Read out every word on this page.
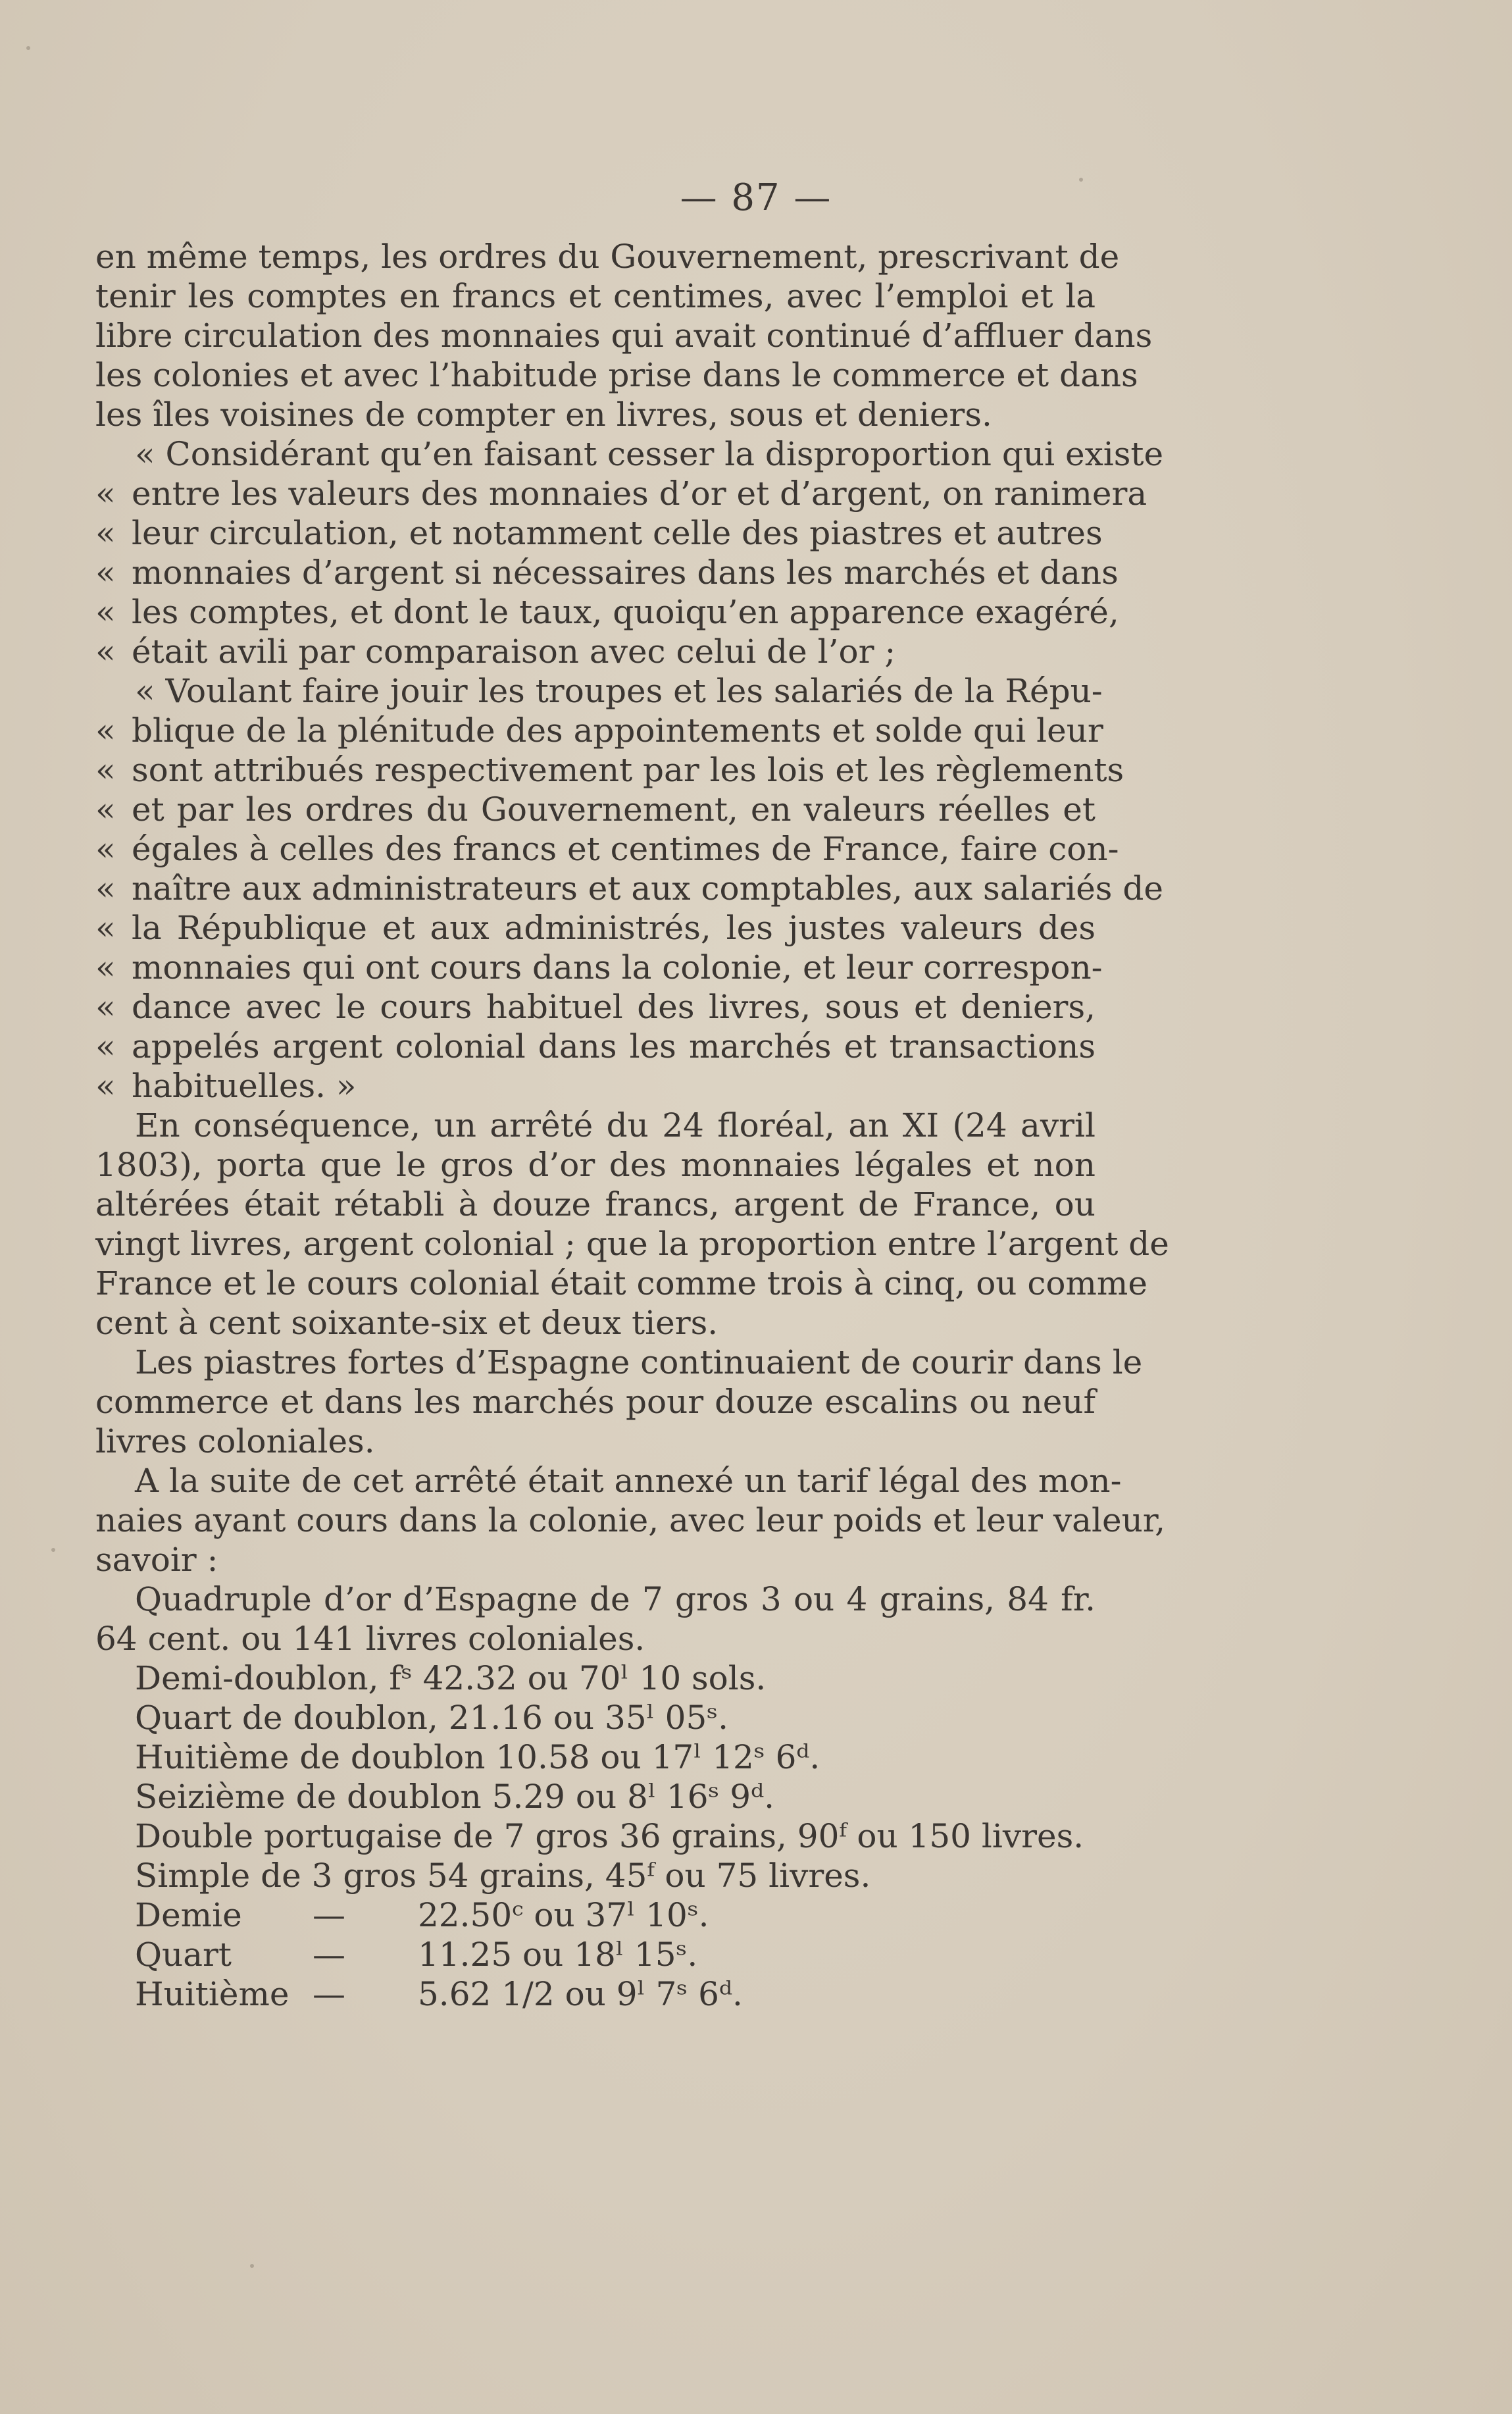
— 87 —
en même temps, les ordres du Gouvernement, prescrivant de
tenir les comptes en francs et centimes, avec l’emploi et la
libre circulation des monnaies qui avait continué d’affluer dans
les colonies et avec l’habitude prise dans le commerce et dans
les îles voisines de compter en livres, sous et deniers.
« Considérant qu’en faisant cesser la disproportion qui existe
« entre les valeurs des monnaies d’or et d’argent, on ranimera
« leur circulation, et notamment celle des piastres et autres
« monnaies d’argent si nécessaires dans les marchés et dans
« les comptes, et dont le taux, quoiqu’en apparence exagéré,
« était avili par comparaison avec celui de l’or ;
« Voulant faire jouir les troupes et les salariés de la Répu-
« blique de la plénitude des appointements et solde qui leur
« sont attribués respectivement par les lois et les règlements
« et par les ordres du Gouvernement, en valeurs réelles et
« égales à celles des francs et centimes de France, faire con-
« naître aux administrateurs et aux comptables, aux salariés de
« la République et aux administrés, les justes valeurs des
« monnaies qui ont cours dans la colonie, et leur correspon-
« dance avec le cours habituel des livres, sous et deniers,
« appelés argent colonial dans les marchés et transactions
« habituelles. »
En conséquence, un arrêté du 24 floréal, an XI (24 avril
1803), porta que le gros d’or des monnaies légales et non
altérées était rétabli à douze francs, argent de France, ou
vingt livres, argent colonial ; que la proportion entre l’argent de
France et le cours colonial était comme trois à cinq, ou comme
cent à cent soixante-six et deux tiers.
Les piastres fortes d’Espagne continuaient de courir dans le
commerce et dans les marchés pour douze escalins ou neuf
livres coloniales.
A la suite de cet arrêté était annexé un tarif légal des mon-
naies ayant cours dans la colonie, avec leur poids et leur valeur,
savoir :
Quadruple d’or d’Espagne de 7 gros 3 ou 4 grains, 84 fr.
64 cent. ou 141 livres coloniales.
Demi-doublon, fˢ 42.32 ou 70ˡ 10 sols.
Quart de doublon, 21.16 ou 35ˡ 05ˢ.
Huitième de doublon 10.58 ou 17ˡ 12ˢ 6ᵈ.
Seizième de doublon 5.29 ou 8ˡ 16ˢ 9ᵈ.
Double portugaise de 7 gros 36 grains, 90ᶠ ou 150 livres.
Simple de 3 gros 54 grains, 45ᶠ ou 75 livres.
Demie	—	22.50ᶜ ou 37ˡ 10ˢ.
Quart	—	11.25 ou 18ˡ 15ˢ.
Huitième —	5.62 1/2 ou 9ˡ 7ˢ 6ᵈ.
